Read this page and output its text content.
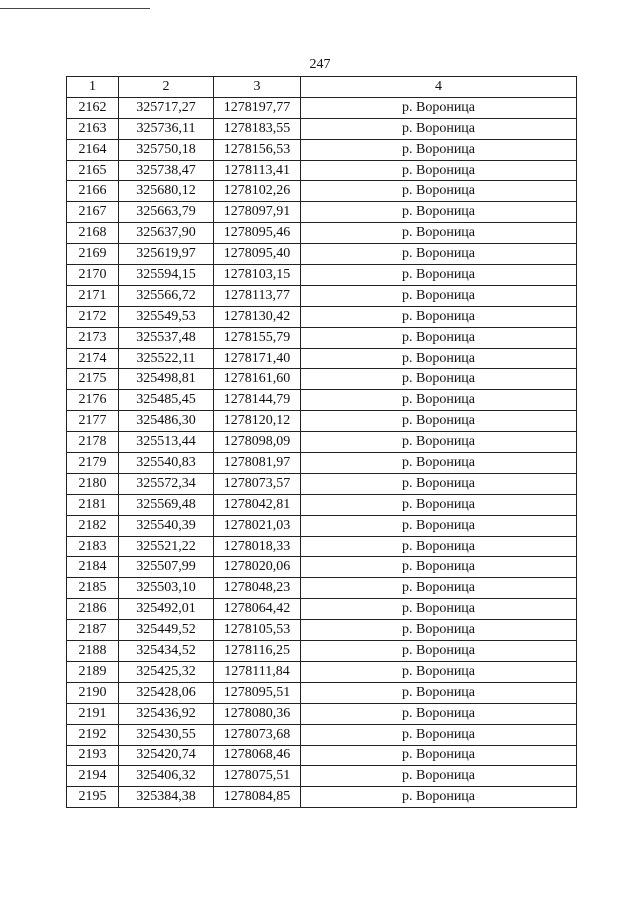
247
1	2	3	4
2162	325717,27	1278197,77	р. Вороница
2163	325736,11	1278183,55	р. Вороница
2164	325750,18	1278156,53	р. Вороница
2165	325738,47	1278113,41	р. Вороница
2166	325680,12	1278102,26	р. Вороница
2167	325663,79	1278097,91	р. Вороница
2168	325637,90	1278095,46	р. Вороница
2169	325619,97	1278095,40	р. Вороница
2170	325594,15	1278103,15	р. Вороница
2171	325566,72	1278113,77	р. Вороница
2172	325549,53	1278130,42	р. Вороница
2173	325537,48	1278155,79	р. Вороница
2174	325522,11	1278171,40	р. Вороница
2175	325498,81	1278161,60	р. Вороница
2176	325485,45	1278144,79	р. Вороница
2177	325486,30	1278120,12	р. Вороница
2178	325513,44	1278098,09	р. Вороница
2179	325540,83	1278081,97	р. Вороница
2180	325572,34	1278073,57	р. Вороница
2181	325569,48	1278042,81	р. Вороница
2182	325540,39	1278021,03	р. Вороница
2183	325521,22	1278018,33	р. Вороница
2184	325507,99	1278020,06	р. Вороница
2185	325503,10	1278048,23	р. Вороница
2186	325492,01	1278064,42	р. Вороница
2187	325449,52	1278105,53	р. Вороница
2188	325434,52	1278116,25	р. Вороница
2189	325425,32	1278111,84	р. Вороница
2190	325428,06	1278095,51	р. Вороница
2191	325436,92	1278080,36	р. Вороница
2192	325430,55	1278073,68	р. Вороница
2193	325420,74	1278068,46	р. Вороница
2194	325406,32	1278075,51	р. Вороница
2195	325384,38	1278084,85	р. Вороница
